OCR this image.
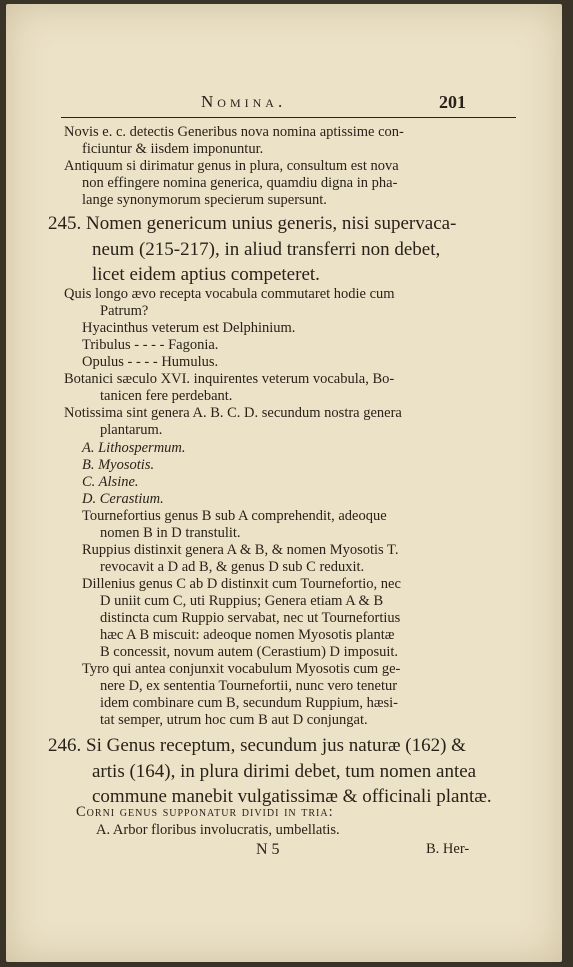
Nomina.	201
Novis e. c. detectis Generibus nova nomina aptissime con-
ficiuntur & iisdem imponuntur.
Antiquum si dirimatur genus in plura, consultum est nova
non effingere nomina generica, quamdiu digna in pha-
lange synonymorum specierum supersunt.
245. Nomen genericum unius generis, nisi supervaca-
neum (215-217), in aliud transferri non debet,
licet eidem aptius competeret.
Quis longo ævo recepta vocabula commutaret hodie cum
Patrum?
Hyacinthus veterum est Delphinium.
Tribulus - - - - Fagonia.
Opulus - - - - Humulus.
Botanici sæculo XVI. inquirentes veterum vocabula, Bo-
tanicen fere perdebant.
Notissima sint genera A. B. C. D. secundum nostra genera
plantarum.
A. Lithospermum.
B. Myosotis.
C. Alsine.
D. Cerastium.
Tournefortius genus B sub A comprehendit, adeoque
nomen B in D transtulit.
Ruppius distinxit genera A & B, & nomen Myosotis T.
revocavit a D ad B, & genus D sub C reduxit.
Dillenius genus C ab D distinxit cum Tournefortio, nec
D uniit cum C, uti Ruppius; Genera etiam A & B
distincta cum Ruppio servabat, nec ut Tournefortius
hæc A B miscuit: adeoque nomen Myosotis plantæ
B concessit, novum autem (Cerastium) D imposuit.
Tyro qui antea conjunxit vocabulum Myosotis cum ge-
nere D, ex sententia Tournefortii, nunc vero tenetur
idem combinare cum B, secundum Ruppium, hæsi-
tat semper, utrum hoc cum B aut D conjungat.
246. Si Genus receptum, secundum jus naturæ (162) &
artis (164), in plura dirimi debet, tum nomen antea
commune manebit vulgatissimæ & officinali plantæ.
Corni genus supponatur dividi in tria:
A. Arbor floribus involucratis, umbellatis.
N 5	B. Her-
